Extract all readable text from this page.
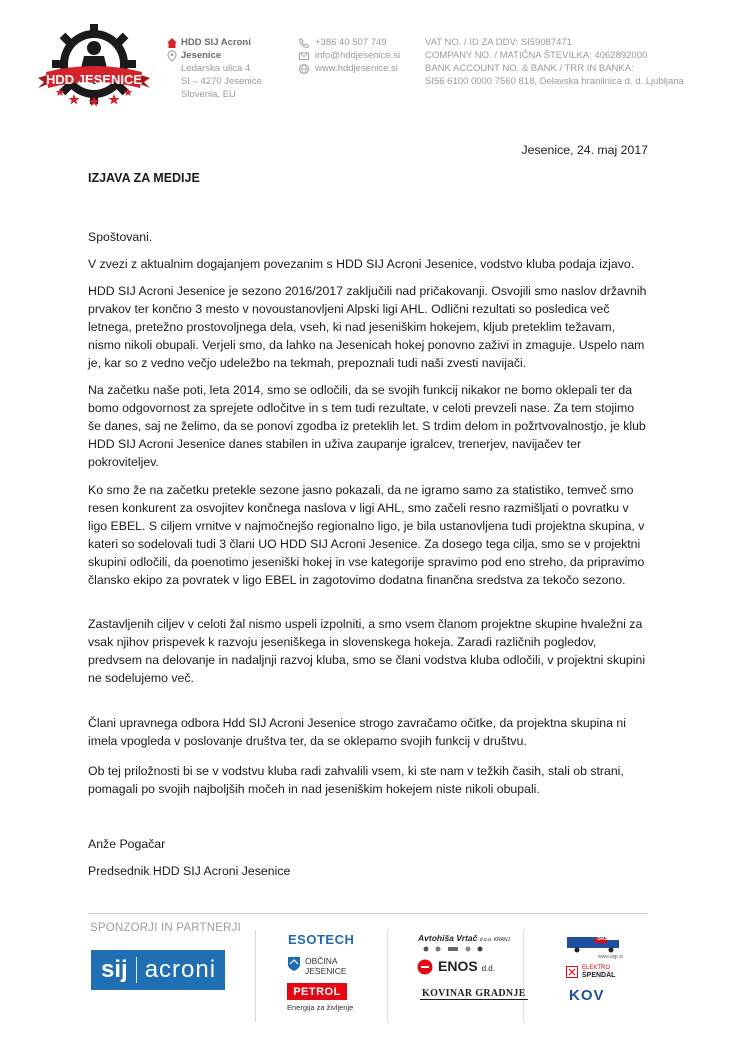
HDD JESENICE
HDD SIJ Acroni Jesenice
Ledarska ulica 4
SI – 4270 Jesenice
Slovenia, EU
+386 40 507 749
info@hddjesenice.si
www.hddjesenice.si
VAT NO. / ID ZA DDV: SI59087471
COMPANY NO. / MATIČNA ŠTEVILKA: 4062892000
BANK ACCOUNT NO. & BANK / TRR IN BANKA:
SI56 6100 0000 7560 818, Delavska hranilnica d. d. Ljubljana
Jesenice, 24. maj 2017
IZJAVA ZA MEDIJE
Spoštovani.
V zvezi z aktualnim dogajanjem povezanim s HDD SIJ Acroni Jesenice, vodstvo kluba podaja izjavo.
HDD SIJ Acroni Jesenice je sezono 2016/2017 zaključili nad pričakovanji. Osvojili smo naslov državnih prvakov ter končno 3 mesto v novoustanovljeni Alpski ligi AHL. Odlični rezultati so posledica več letnega, pretežno prostovoljnega dela, vseh, ki nad jeseniškim hokejem, kljub preteklim težavam, nismo nikoli obupali. Verjeli smo, da lahko na Jesenicah hokej ponovno zaživi in zmaguje. Uspelo nam je, kar so z vedno večjo udeležbo na tekmah, prepoznali tudi naši zvesti navijači.
Na začetku naše poti, leta 2014, smo se odločili, da se svojih funkcij nikakor ne bomo oklepali ter da bomo odgovornost za sprejete odločitve in s tem tudi rezultate, v celoti prevzeli nase. Za tem stojimo še danes, saj ne želimo, da se ponovi zgodba iz preteklih let. S trdim delom in požrtvovalnostjo, je klub HDD SIJ Acroni Jesenice danes stabilen in uživa zaupanje igralcev, trenerjev, navijačev ter pokroviteljev.
Ko smo že na začetku pretekle sezone jasno pokazali, da ne igramo samo za statistiko, temveč smo resen konkurent za osvojitev končnega naslova v ligi AHL, smo začeli resno razmišljati o povratku v ligo EBEL. S ciljem vrnitve v najmočnejšo regionalno ligo, je bila ustanovljena tudi projektna skupina, v kateri so sodelovali tudi 3 člani UO HDD SIJ Acroni Jesenice. Za dosego tega cilja, smo se v projektni skupini odločili, da poenotimo jeseniški hokej in vse kategorije spravimo pod eno streho, da pripravimo člansko ekipo za povratek v ligo EBEL in zagotovimo dodatna finančna sredstva za tekočo sezono.
Zastavljenih ciljev v celoti žal nismo uspeli izpolniti, a smo vsem članom projektne skupine hvaležni za vsak njihov prispevek k razvoju jeseniškega in slovenskega hokeja. Zaradi različnih pogledov, predvsem na delovanje in nadaljnji razvoj kluba, smo se člani vodstva kluba odločili, v projektni skupini ne sodelujemo več.
Člani upravnega odbora Hdd SIJ Acroni Jesenice strogo zavračamo očitke, da projektna skupina ni imela vpogleda v poslovanje društva ter, da se oklepamo svojih funkcij v društvu.
Ob tej priložnosti bi se v vodstvu kluba radi zahvalili vsem, ki ste nam v težkih časih, stali ob strani, pomagali po svojih najboljših močeh in nad jeseniškim hokejem niste nikoli obupali.
Anže Pogačar
Predsednik HDD SIJ Acroni Jesenice
SPONZORJI IN PARTNERJI
sij acroni
ESOTECH
OBČINA
JESENICE
PETROL
Energija za življenje
Avtohiša Vrtač d.o.o. KRANJ
ENOS d.d.
KOVINAR GRADNJE
SIGR
www.sigr.si
ELEKTRO
ŠPENDAL
KOV
